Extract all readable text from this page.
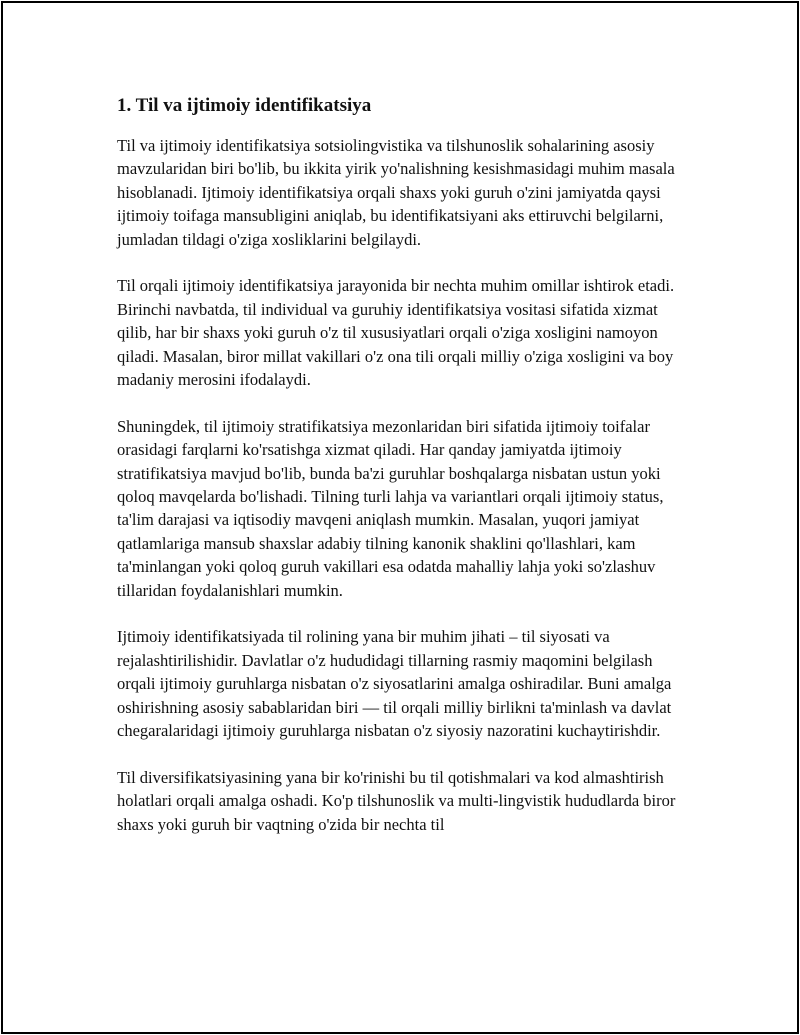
1. Til va ijtimoiy identifikatsiya

Til va ijtimoiy identifikatsiya sotsiolingvistika va tilshunoslik sohalarining asosiy mavzularidan biri bo'lib, bu ikkita yirik yo'nalishning kesishmasidagi muhim masala hisoblanadi. Ijtimoiy identifikatsiya orqali shaxs yoki guruh o'zini jamiyatda qaysi ijtimoiy toifaga mansubligini aniqlab, bu identifikatsiyani aks ettiruvchi belgilarni, jumladan tildagi o'ziga xosliklarini belgilaydi.

Til orqali ijtimoiy identifikatsiya jarayonida bir nechta muhim omillar ishtirok etadi. Birinchi navbatda, til individual va guruhiy identifikatsiya vositasi sifatida xizmat qilib, har bir shaxs yoki guruh o'z til xususiyatlari orqali o'ziga xosligini namoyon qiladi. Masalan, biror millat vakillari o'z ona tili orqali milliy o'ziga xosligini va boy madaniy merosini ifodalaydi.

Shuningdek, til ijtimoiy stratifikatsiya mezonlaridan biri sifatida ijtimoiy toifalar orasidagi farqlarni ko'rsatishga xizmat qiladi. Har qanday jamiyatda ijtimoiy stratifikatsiya mavjud bo'lib, bunda ba'zi guruhlar boshqalarga nisbatan ustun yoki qoloq mavqelarda bo'lishadi. Tilning turli lahja va variantlari orqali ijtimoiy status, ta'lim darajasi va iqtisodiy mavqeni aniqlash mumkin. Masalan, yuqori jamiyat qatlamlariga mansub shaxslar adabiy tilning kanonik shaklini qo'llashlari, kam ta'minlangan yoki qoloq guruh vakillari esa odatda mahalliy lahja yoki so'zlashuv tillaridan foydalanishlari mumkin.

Ijtimoiy identifikatsiyada til rolining yana bir muhim jihati – til siyosati va rejalashtirilishidir. Davlatlar o'z hududidagi tillarning rasmiy maqomini belgilash orqali ijtimoiy guruhlarga nisbatan o'z siyosatlarini amalga oshiradilar. Buni amalga oshirishning asosiy sabablaridan biri — til orqali milliy birlikni ta'minlash va davlat chegaralaridagi ijtimoiy guruhlarga nisbatan o'z siyosiy nazoratini kuchaytirishdir.

Til diversifikatsiyasining yana bir ko'rinishi bu til qotishmalari va kod almashtirish holatlari orqali amalga oshadi. Ko'p tilshunoslik va multi-lingvistik hududlarda biror shaxs yoki guruh bir vaqtning o'zida bir nechta til
